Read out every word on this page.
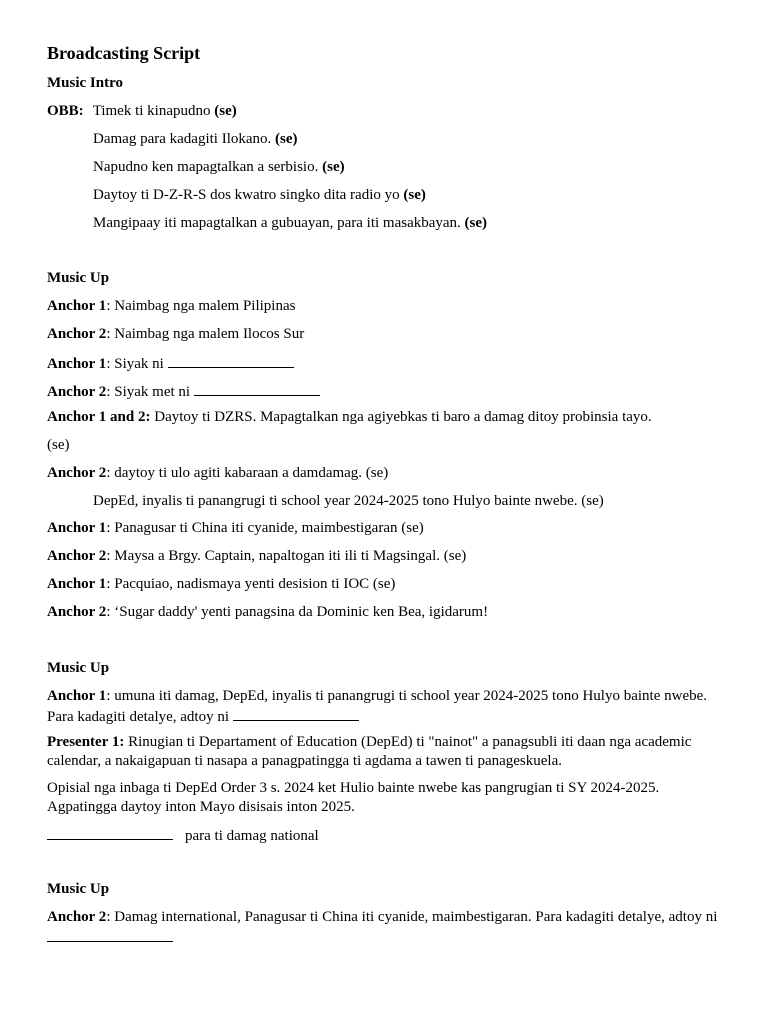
Broadcasting Script
Music Intro
OBB: Timek ti kinapudno (se)
Damag para kadagiti Ilokano. (se)
Napudno ken mapagtalkan a serbisio. (se)
Daytoy ti D-Z-R-S dos kwatro singko dita radio yo (se)
Mangipaay iti mapagtalkan a gubuayan, para iti masakbayan. (se)
Music Up
Anchor 1: Naimbag nga malem Pilipinas
Anchor 2: Naimbag nga malem Ilocos Sur
Anchor 1: Siyak ni
Anchor 2: Siyak met ni
Anchor 1 and 2: Daytoy ti DZRS. Mapagtalkan nga agiyebkas ti baro a damag ditoy probinsia tayo.
(se)
Anchor 2: daytoy ti ulo agiti kabaraan a damdamag. (se)
DepEd, inyalis ti panangrugi ti school year 2024-2025 tono Hulyo bainte nwebe. (se)
Anchor 1: Panagusar ti China iti cyanide, maimbestigaran (se)
Anchor 2: Maysa a Brgy. Captain, napaltogan iti ili ti Magsingal. (se)
Anchor 1: Pacquiao, nadismaya yenti desision ti IOC (se)
Anchor 2: ‘Sugar daddy' yenti panagsina da Dominic ken Bea, igidarum!
Music Up
Anchor 1: umuna iti damag, DepEd, inyalis ti panangrugi ti school year 2024-2025 tono Hulyo bainte nwebe. Para kadagiti detalye, adtoy ni
Presenter 1: Rinugian ti Departament of Education (DepEd) ti "nainot" a panagsubli iti daan nga academic calendar, a nakaigapuan ti nasapa a panagpatingga ti agdama a tawen ti panageskuela.
Opisial nga inbaga ti DepEd Order 3 s. 2024 ket Hulio bainte nwebe kas pangrugian ti SY 2024-2025. Agpatingga daytoy inton Mayo disisais inton 2025.
para ti damag national
Music Up
Anchor 2: Damag international, Panagusar ti China iti cyanide, maimbestigaran. Para kadagiti detalye, adtoy ni
